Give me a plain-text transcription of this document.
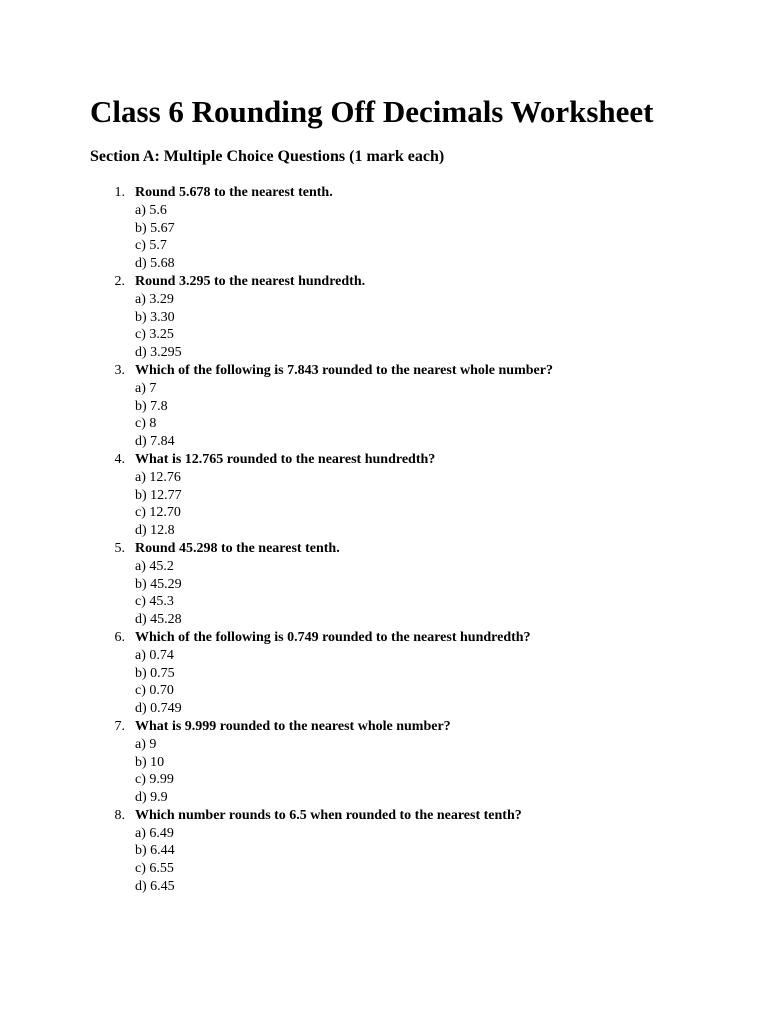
Class 6 Rounding Off Decimals Worksheet
Section A: Multiple Choice Questions (1 mark each)
1. Round 5.678 to the nearest tenth.
a) 5.6
b) 5.67
c) 5.7
d) 5.68
2. Round 3.295 to the nearest hundredth.
a) 3.29
b) 3.30
c) 3.25
d) 3.295
3. Which of the following is 7.843 rounded to the nearest whole number?
a) 7
b) 7.8
c) 8
d) 7.84
4. What is 12.765 rounded to the nearest hundredth?
a) 12.76
b) 12.77
c) 12.70
d) 12.8
5. Round 45.298 to the nearest tenth.
a) 45.2
b) 45.29
c) 45.3
d) 45.28
6. Which of the following is 0.749 rounded to the nearest hundredth?
a) 0.74
b) 0.75
c) 0.70
d) 0.749
7. What is 9.999 rounded to the nearest whole number?
a) 9
b) 10
c) 9.99
d) 9.9
8. Which number rounds to 6.5 when rounded to the nearest tenth?
a) 6.49
b) 6.44
c) 6.55
d) 6.45
